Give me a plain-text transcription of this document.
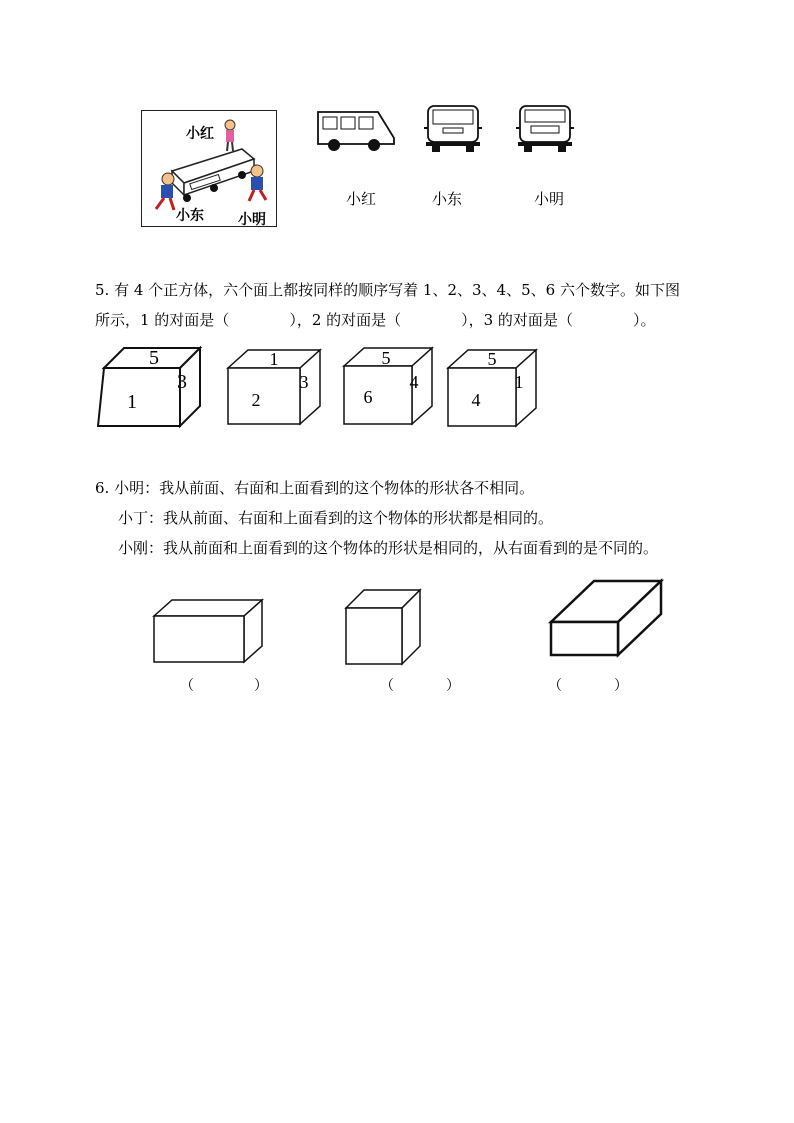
小红
小东 小明
小红	小东	小明
5. 有 4 个正方体，六个面上都按同样的顺序写着 1、2、3、4、5、6 六个数字。如下图
所示，1 的对面是（　　　　），2 的对面是（　　　　），3 的对面是（　　　　）。
5
3
1
1
3
2
5
4
6
5
1
4
6. 小明：我从前面、右面和上面看到的这个物体的形状各不相同。
小丁：我从前面、右面和上面看到的这个物体的形状都是相同的。
小刚：我从前面和上面看到的这个物体的形状是相同的，从右面看到的是不同的。
（	）	（	）	（	）
